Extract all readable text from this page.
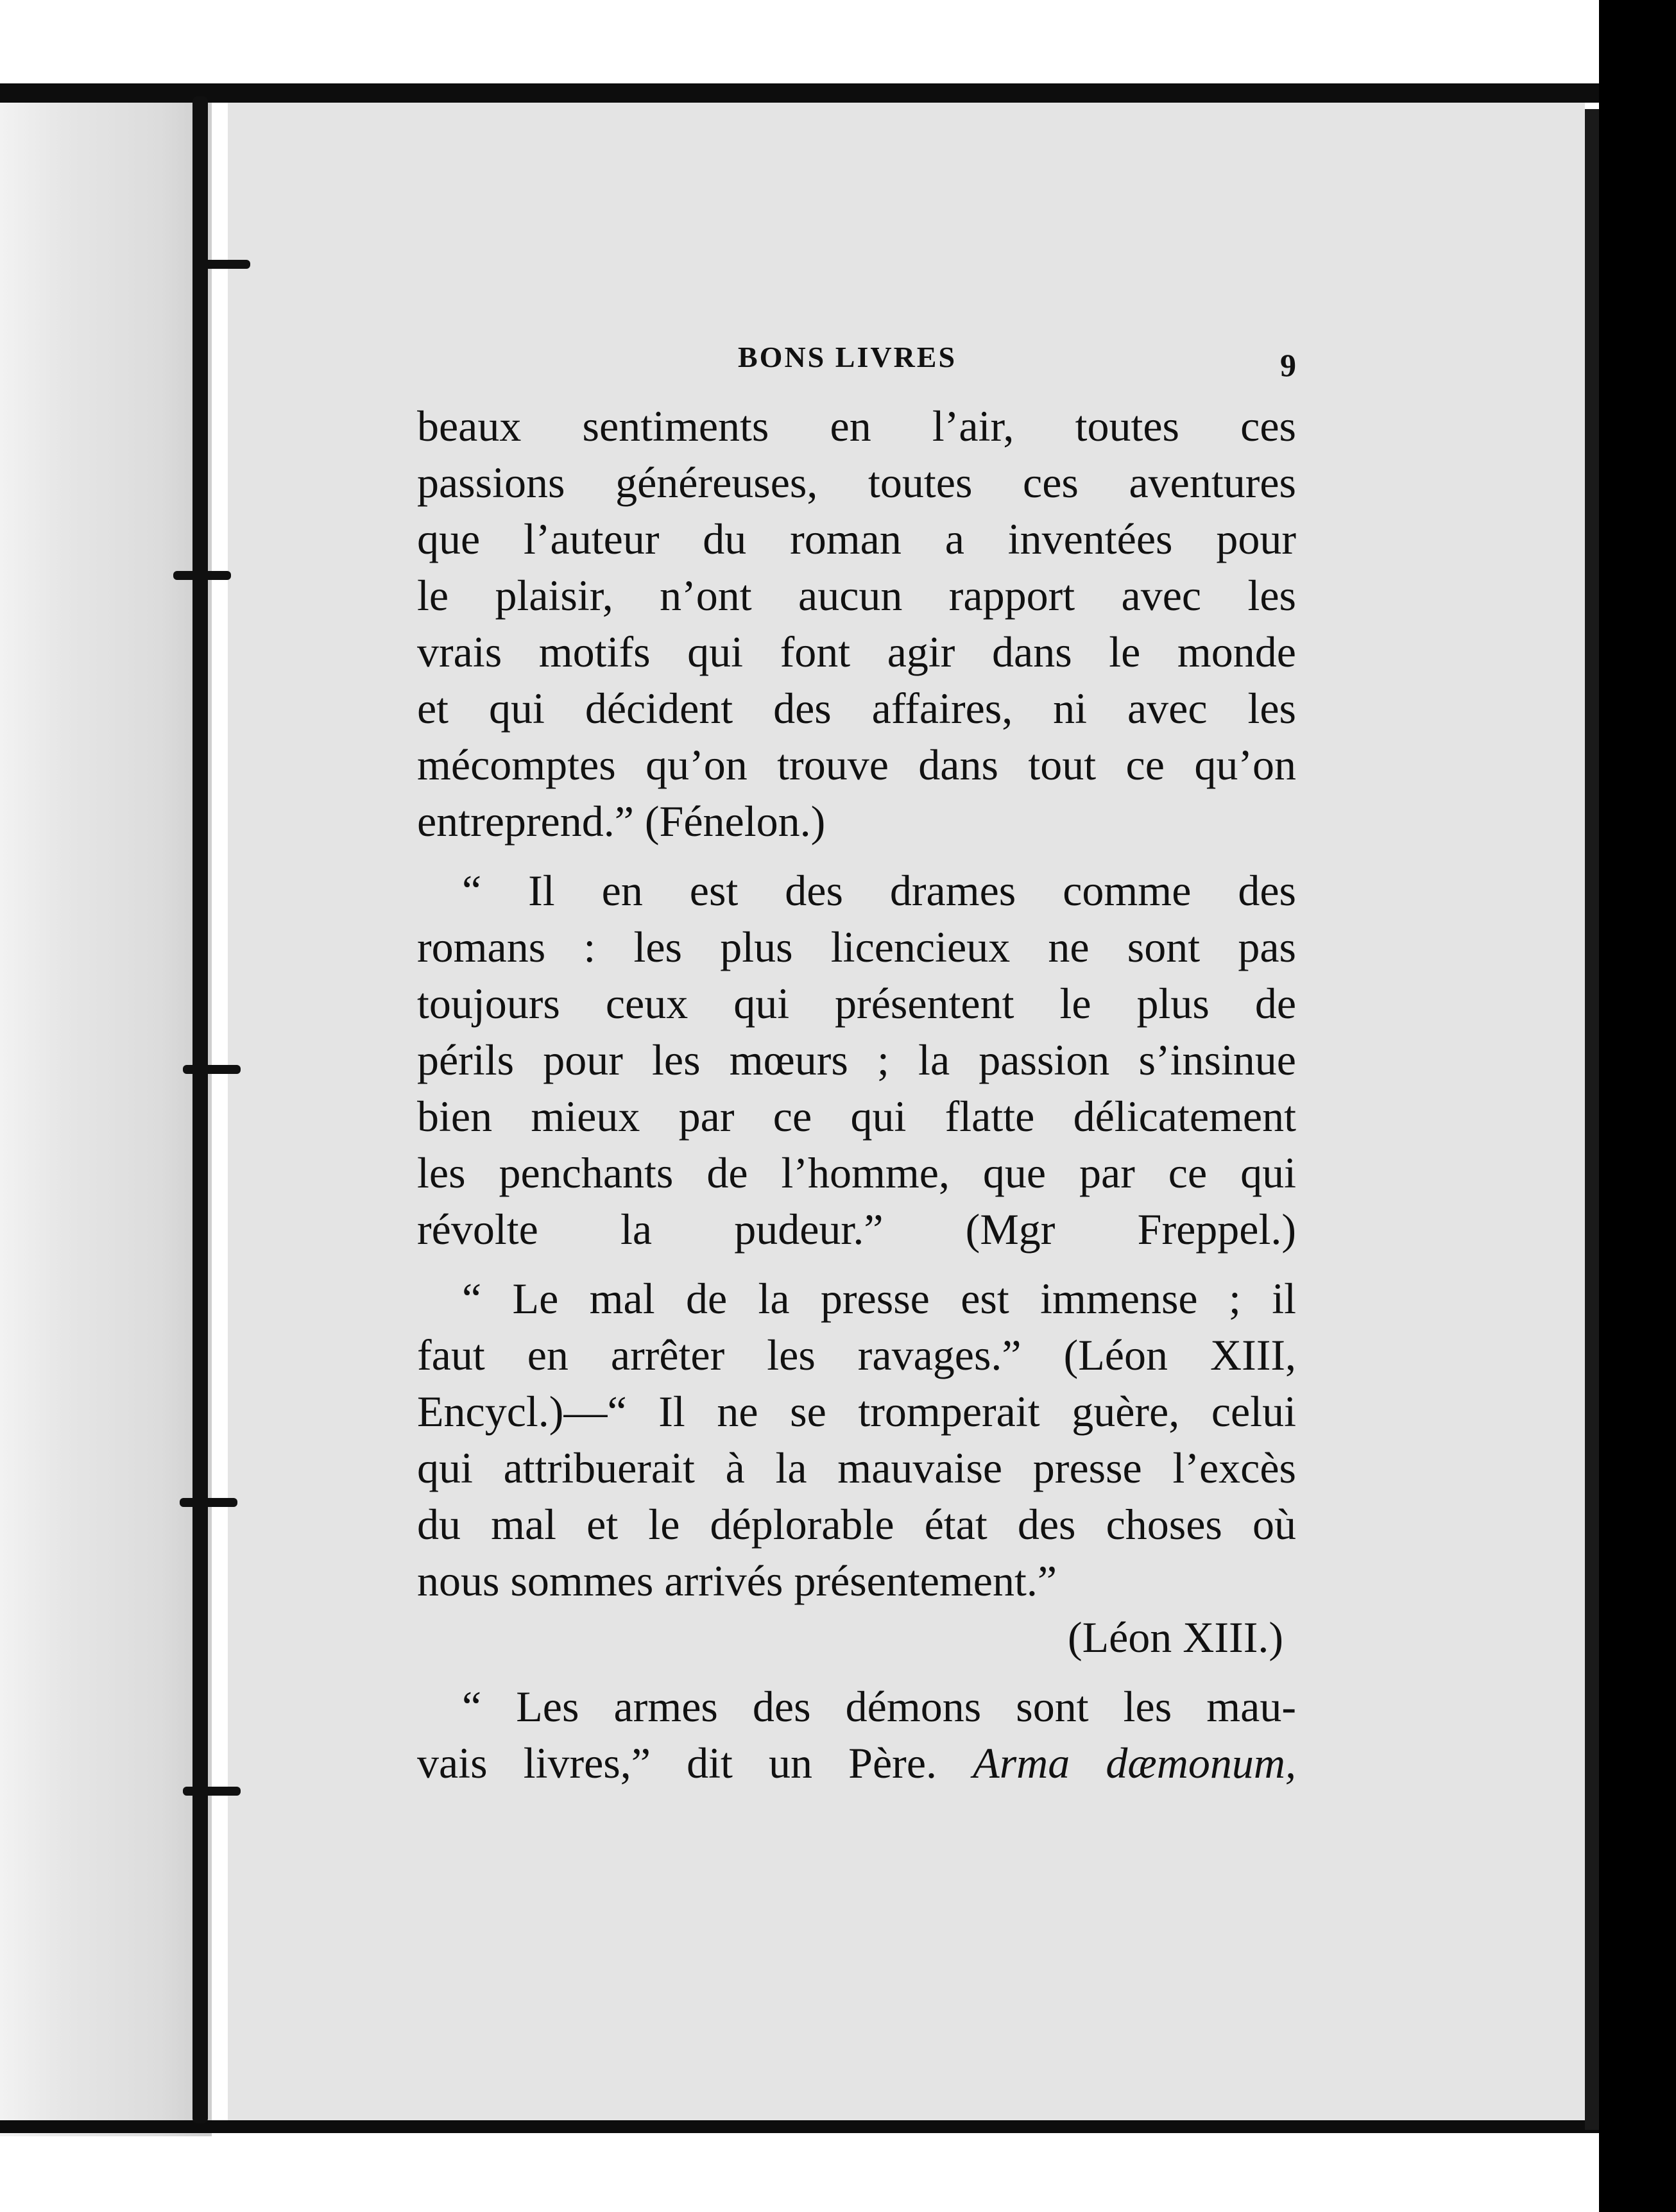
BONS LIVRES	9
beaux sentiments en l’air, toutes ces
passions généreuses, toutes ces aventures
que l’auteur du roman a inventées pour
le plaisir, n’ont aucun rapport avec les
vrais motifs qui font agir dans le monde
et qui décident des affaires, ni avec les
mécomptes qu’on trouve dans tout ce qu’on
entreprend.” (Fénelon.)
“ Il en est des drames comme des
romans : les plus licencieux ne sont pas
toujours ceux qui présentent le plus de
périls pour les mœurs ; la passion s’insinue
bien mieux par ce qui flatte délicatement
les penchants de l’homme, que par ce qui
révolte la pudeur.” (Mgr Freppel.)
“ Le mal de la presse est immense ; il
faut en arrêter les ravages.” (Léon XIII,
Encycl.)—“ Il ne se tromperait guère, celui
qui attribuerait à la mauvaise presse l’excès
du mal et le déplorable état des choses où
nous sommes arrivés présentement.”
(Léon XIII.)
“ Les armes des démons sont les mau-
vais livres,” dit un Père. Arma dæmonum,
